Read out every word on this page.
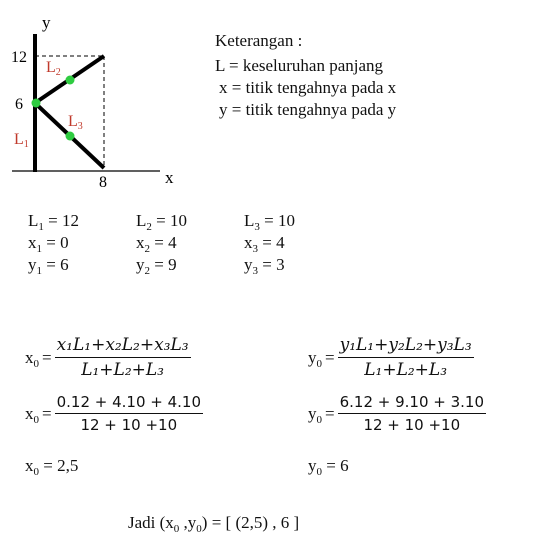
y
x
12
6
8
L2
L3
L1
Keterangan :
L = keseluruhan panjang
x = titik tengahnya pada x
y = titik tengahnya pada y
$L_1 = 12$
$x_1 = 0$
$y_1 = 6$
$L_2 = 10$
$x_2 = 4$
$y_2 = 9$
$L_3 = 10$
$x_3 = 4$
$y_3 = 3$
$x_0 = \frac{\text{x₁L₁+x₂L₂+x₃L₃}}{\text{L₁+L₂+L₃}}$	$y_0 = \frac{\text{y₁L₁+y₂L₂+y₃L₃}}{\text{L₁+L₂+L₃}}$
$x_0 = \frac{0.12 + 4.10 + 4.10}{12 + 10 +10}$	$y_0 = \frac{6.12 + 9.10 + 3.10}{12 + 10 +10}$
$x_0 = 2,5$	$y_0 = 6$
Jadi ($x_0$ $,y_0$) = [ (2,5) , 6 ]
